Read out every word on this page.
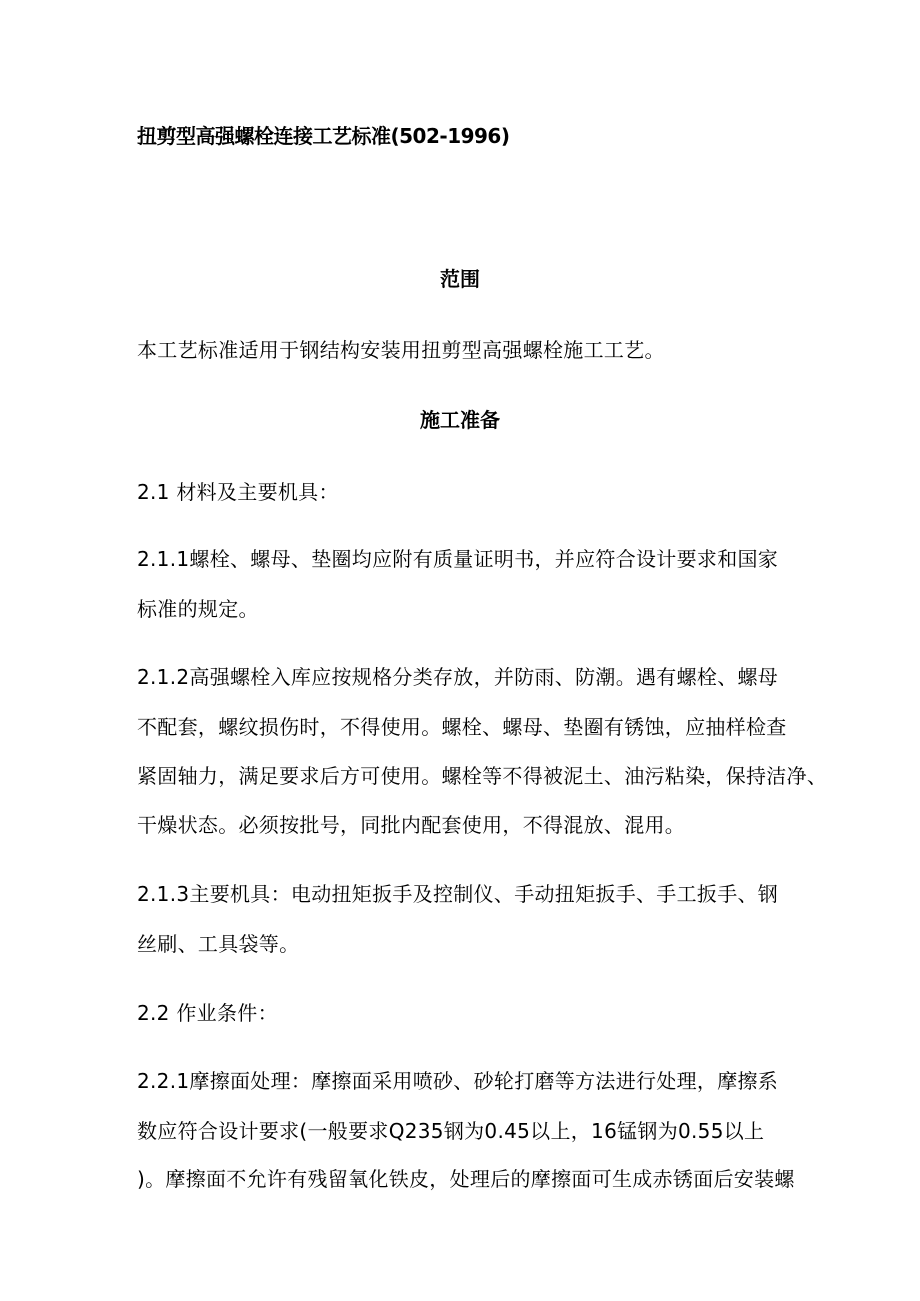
扭剪型高强螺栓连接工艺标准(502-1996)
范围
本工艺标准适用于钢结构安装用扭剪型高强螺栓施工工艺。
施工准备
2.1 材料及主要机具：
2.1.1螺栓、螺母、垫圈均应附有质量证明书，并应符合设计要求和国家
标准的规定。
2.1.2高强螺栓入库应按规格分类存放，并防雨、防潮。遇有螺栓、螺母
不配套，螺纹损伤时，不得使用。螺栓、螺母、垫圈有锈蚀，应抽样检查
紧固轴力，满足要求后方可使用。螺栓等不得被泥土、油污粘染，保持洁净、
干燥状态。必须按批号，同批内配套使用，不得混放、混用。
2.1.3主要机具：电动扭矩扳手及控制仪、手动扭矩扳手、手工扳手、钢
丝刷、工具袋等。
2.2 作业条件：
2.2.1摩擦面处理：摩擦面采用喷砂、砂轮打磨等方法进行处理，摩擦系
数应符合设计要求(一般要求Q235钢为0.45以上，16锰钢为0.55以上
)。摩擦面不允许有残留氧化铁皮，处理后的摩擦面可生成赤锈面后安装螺
